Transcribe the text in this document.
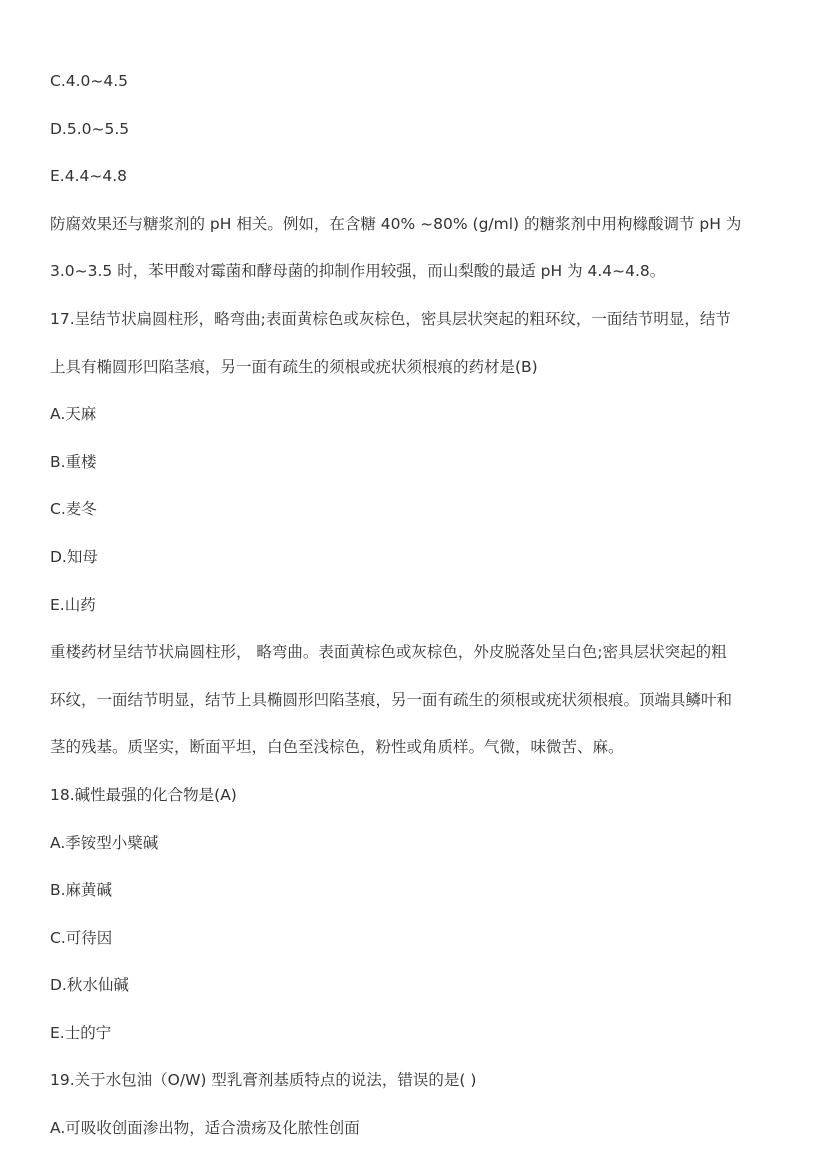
C.4.0~4.5
D.5.0~5.5
E.4.4~4.8
防腐效果还与糖浆剂的 pH 相关。例如，在含糖 40% ~80% (g/ml) 的糖浆剂中用枸橼酸调节 pH 为
3.0~3.5 时，苯甲酸对霉菌和酵母菌的抑制作用较强，而山梨酸的最适 pH 为 4.4~4.8。
17.呈结节状扁圆柱形，略弯曲;表面黄棕色或灰棕色，密具层状突起的粗环纹，一面结节明显，结节
上具有椭圆形凹陷茎痕，另一面有疏生的须根或疣状须根痕的药材是(B)
A.天麻
B.重楼
C.麦冬
D.知母
E.山药
重楼药材呈结节状扁圆柱形， 略弯曲。表面黄棕色或灰棕色，外皮脱落处呈白色;密具层状突起的粗
环纹，一面结节明显，结节上具椭圆形凹陷茎痕，另一面有疏生的须根或疣状须根痕。顶端具鳞叶和
茎的残基。质坚实，断面平坦，白色至浅棕色，粉性或角质样。气微，味微苦、麻。
18.碱性最强的化合物是(A)
A.季铵型小檗碱
B.麻黄碱
C.可待因
D.秋水仙碱
E.士的宁
19.关于水包油（O/W) 型乳膏剂基质特点的说法，错误的是( )
A.可吸收创面渗出物，适合溃疡及化脓性创面
